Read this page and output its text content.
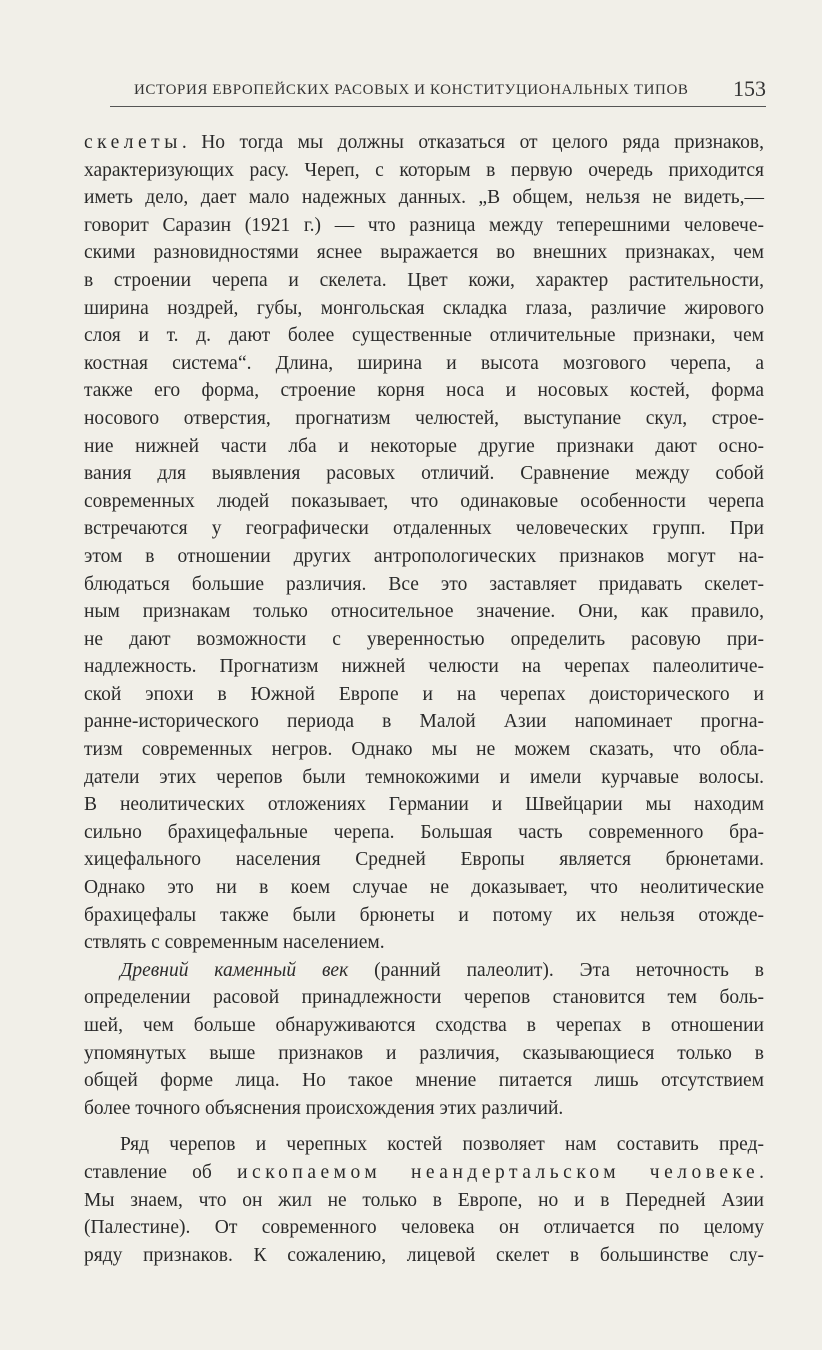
ИСТОРИЯ ЕВРОПЕЙСКИХ РАСОВЫХ И КОНСТИТУЦИОНАЛЬНЫХ ТИПОВ 153
скелеты. Но тогда мы должны отказаться от целого ряда признаков,
характеризующих расу. Череп, с которым в первую очередь приходится
иметь дело, дает мало надежных данных. „В общем, нельзя не видеть,—
говорит Саразин (1921 г.) — что разница между теперешними человече-
скими разновидностями яснее выражается во внешних признаках, чем
в строении черепа и скелета. Цвет кожи, характер растительности,
ширина ноздрей, губы, монгольская складка глаза, различие жирового
слоя и т. д. дают более существенные отличительные признаки, чем
костная система“. Длина, ширина и высота мозгового черепа, а
также его форма, строение корня носа и носовых костей, форма
носового отверстия, прогнатизм челюстей, выступание скул, строе-
ние нижней части лба и некоторые другие признаки дают осно-
вания для выявления расовых отличий. Сравнение между собой
современных людей показывает, что одинаковые особенности черепа
встречаются у географически отдаленных человеческих групп. При
этом в отношении других антропологических признаков могут на-
блюдаться большие различия. Все это заставляет придавать скелет-
ным признакам только относительное значение. Они, как правило,
не дают возможности с уверенностью определить расовую при-
надлежность. Прогнатизм нижней челюсти на черепах палеолитиче-
ской эпохи в Южной Европе и на черепах доисторического и
ранне-исторического периода в Малой Азии напоминает прогна-
тизм современных негров. Однако мы не можем сказать, что обла-
датели этих черепов были темнокожими и имели курчавые волосы.
В неолитических отложениях Германии и Швейцарии мы находим
сильно брахицефальные черепа. Большая часть современного бра-
хицефального населения Средней Европы является брюнетами.
Однако это ни в коем случае не доказывает, что неолитические
брахицефалы также были брюнеты и потому их нельзя отожде-
ствлять с современным населением.
Древний каменный век (ранний палеолит). Эта неточность в
определении расовой принадлежности черепов становится тем боль-
шей, чем больше обнаруживаются сходства в черепах в отношении
упомянутых выше признаков и различия, сказывающиеся только в
общей форме лица. Но такое мнение питается лишь отсутствием
более точного объяснения происхождения этих различий.
Ряд черепов и черепных костей позволяет нам составить пред-
ставление об ископаемом неандертальском человеке.
Мы знаем, что он жил не только в Европе, но и в Передней Азии
(Палестине). От современного человека он отличается по целому
ряду признаков. К сожалению, лицевой скелет в большинстве слу-
